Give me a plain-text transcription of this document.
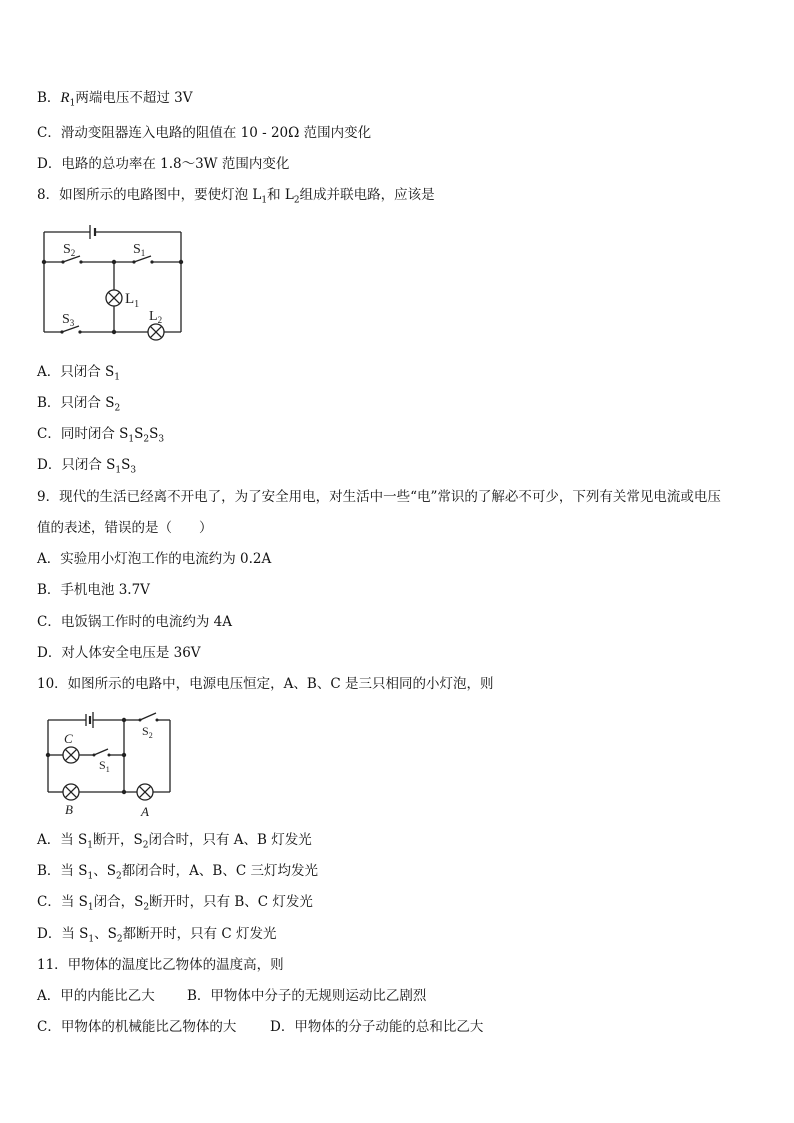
B．$R_1$两端电压不超过 3V
C．滑动变阻器连入电路的阻值在 10 - 20Ω 范围内变化
D．电路的总功率在 1.8～3W 范围内变化
8．如图所示的电路图中，要使灯泡 $L_1$和 $L_2$组成并联电路，应该是
$S_2$	$S_1$
$S_3$
$L_1$
$L_2$
A．只闭合 $S_1$
B．只闭合 $S_2$
C．同时闭合 $S_1S_2S_3$
D．只闭合 $S_1S_3$
9．现代的生活已经离不开电了，为了安全用电，对生活中一些“电”常识的了解必不可少，下列有关常见电流或电压
值的表述，错误的是（　　）
A．实验用小灯泡工作的电流约为 0.2A
B．手机电池 3.7V
C．电饭锅工作时的电流约为 4A
D．对人体安全电压是 36V
10．如图所示的电路中，电源电压恒定，A、B、C 是三只相同的小灯泡，则
C
B	A
$S_1$
$S_2$
A．当 $S_1$断开，$S_2$闭合时，只有 A、B 灯发光
B．当 $S_1$、$S_2$都闭合时，A、B、C 三灯均发光
C．当 $S_1$闭合，$S_2$断开时，只有 B、C 灯发光
D．当 $S_1$、$S_2$都断开时，只有 C 灯发光
11．甲物体的温度比乙物体的温度高，则
A．甲的内能比乙大 B．甲物体中分子的无规则运动比乙剧烈
C．甲物体的机械能比乙物体的大 D．甲物体的分子动能的总和比乙大
